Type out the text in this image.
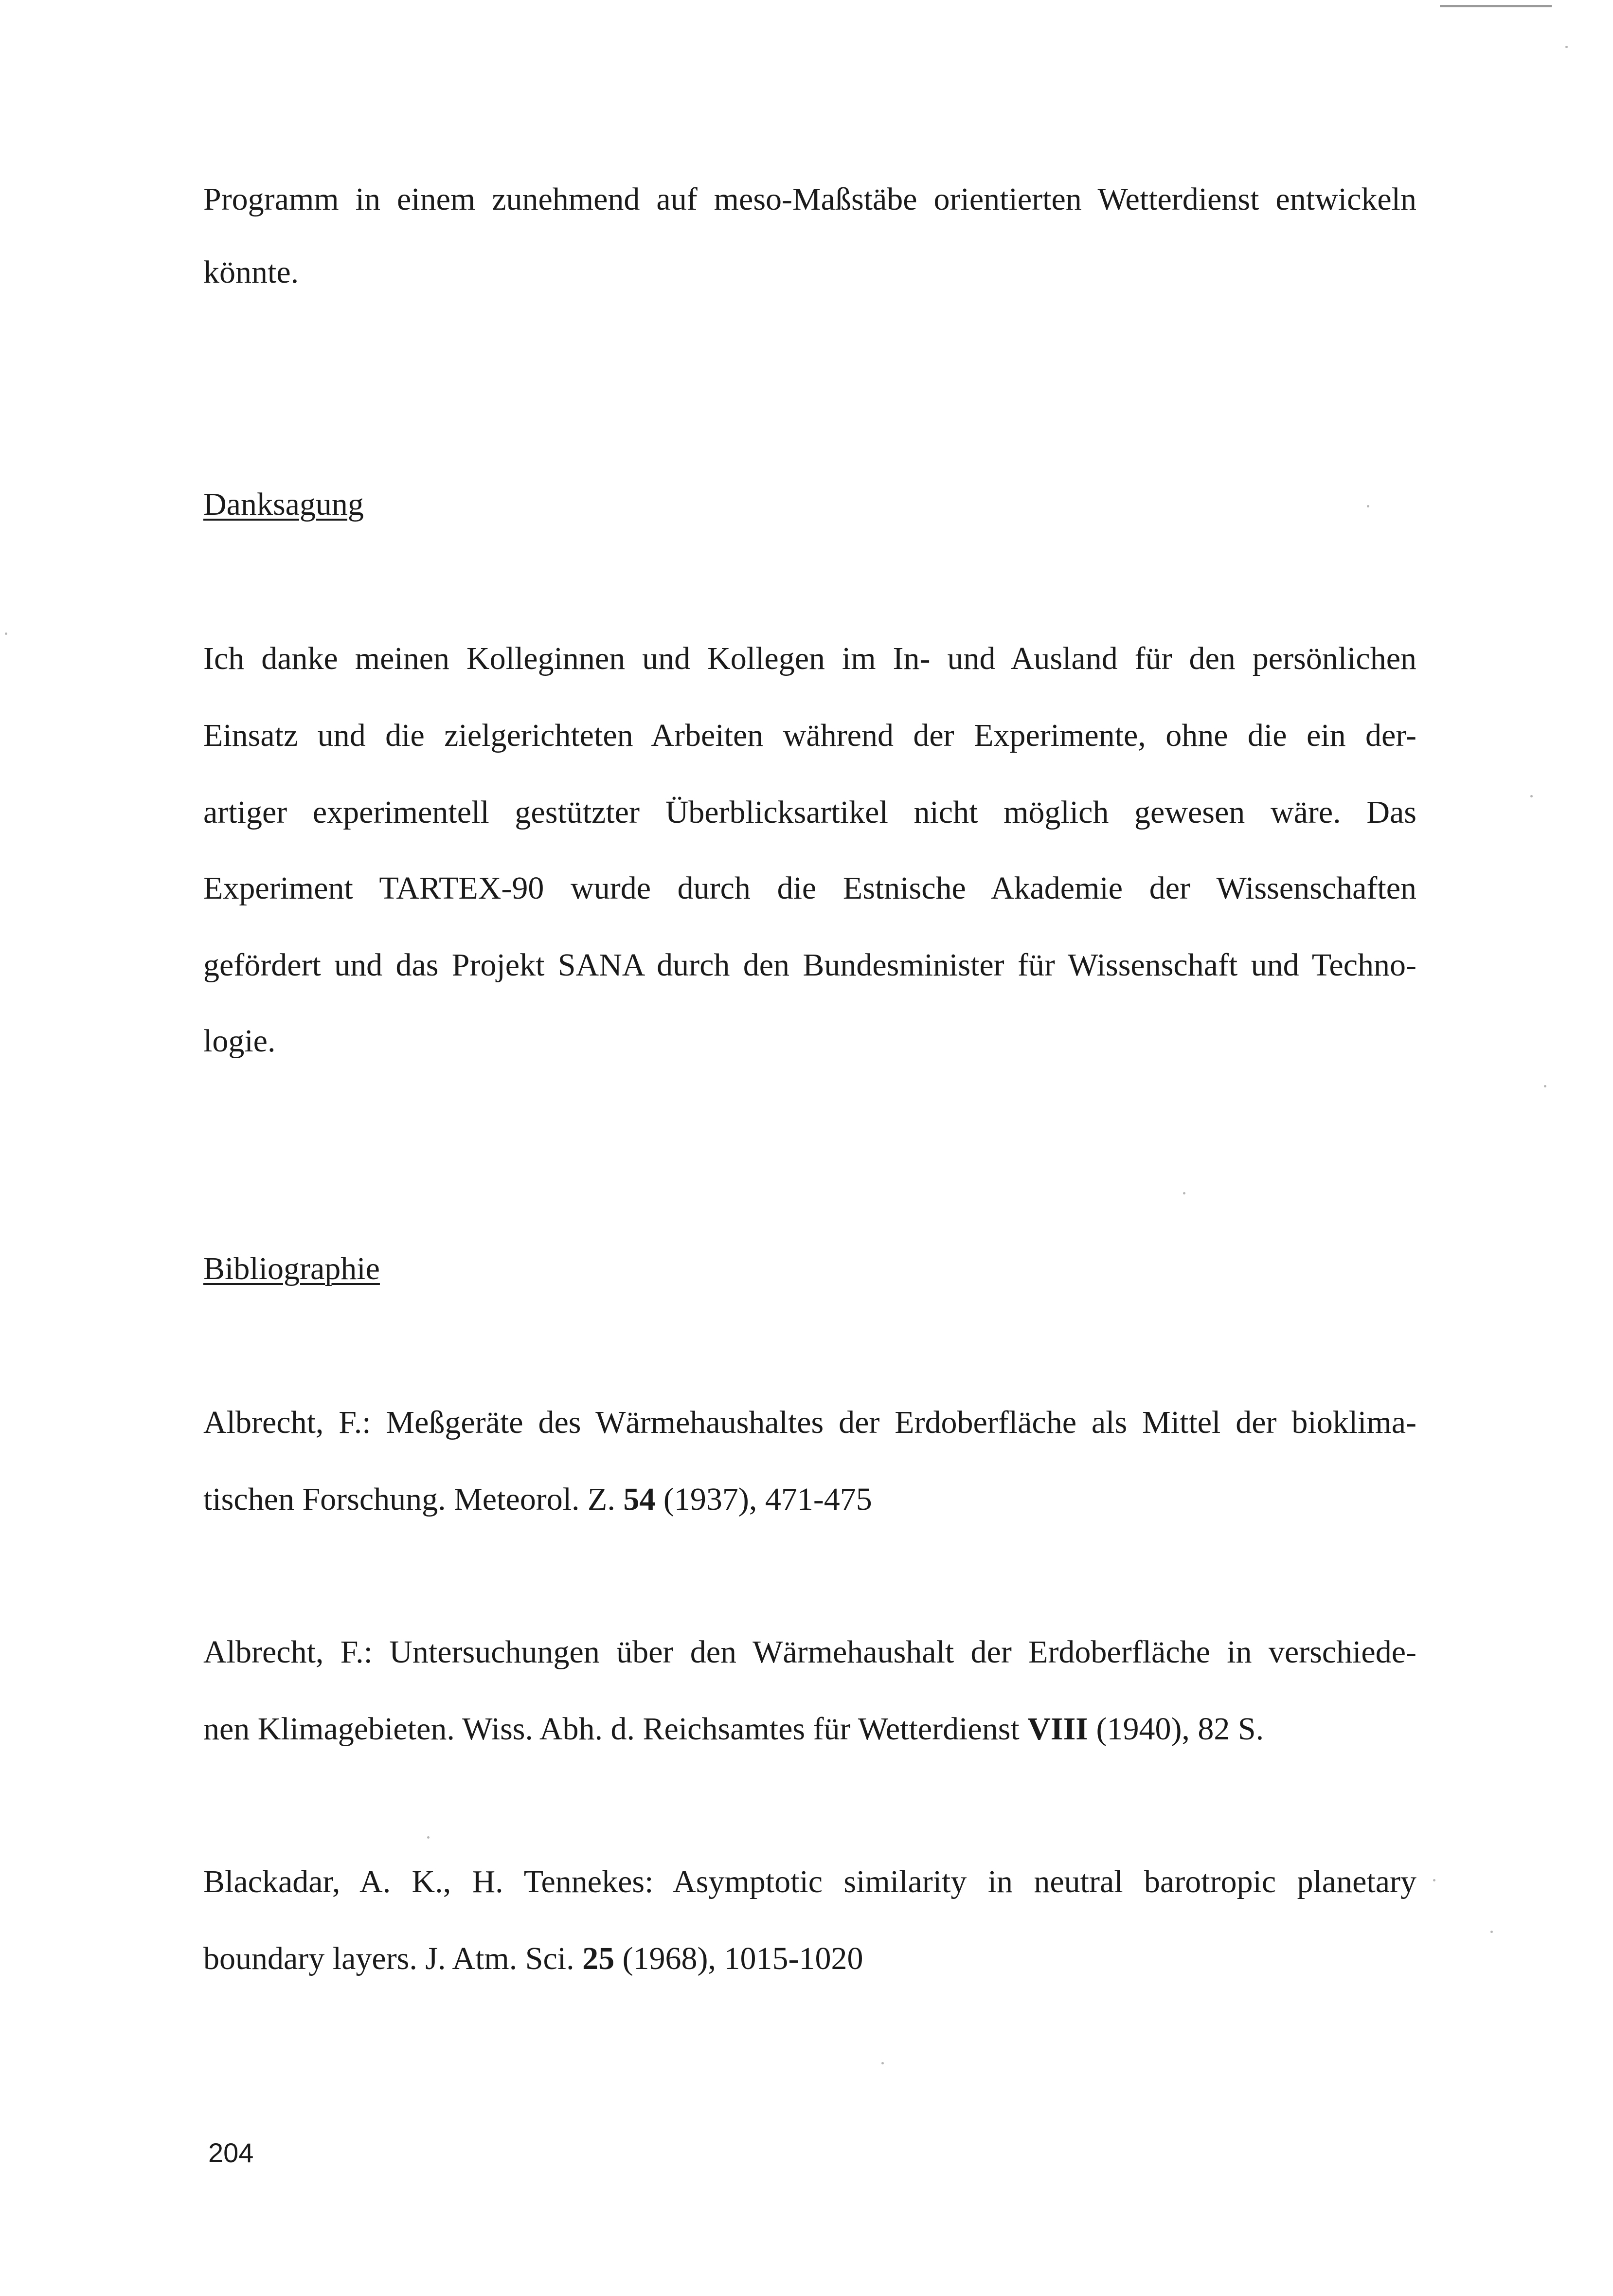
Programm in einem zunehmend auf meso-Maßstäbe orientierten Wetterdienst entwickeln

könnte.

Danksagung

Ich danke meinen Kolleginnen und Kollegen im In- und Ausland für den persönlichen

Einsatz und die zielgerichteten Arbeiten während der Experimente, ohne die ein der-

artiger experimentell gestützter Überblicksartikel nicht möglich gewesen wäre. Das

Experiment TARTEX-90 wurde durch die Estnische Akademie der Wissenschaften

gefördert und das Projekt SANA durch den Bundesminister für Wissenschaft und Techno-

logie.

Bibliographie

Albrecht, F.: Meßgeräte des Wärmehaushaltes der Erdoberfläche als Mittel der bioklima-

tischen Forschung. Meteorol. Z. 54 (1937), 471-475

Albrecht, F.: Untersuchungen über den Wärmehaushalt der Erdoberfläche in verschiede-

nen Klimagebieten. Wiss. Abh. d. Reichsamtes für Wetterdienst VIII (1940), 82 S.

Blackadar, A. K., H. Tennekes: Asymptotic similarity in neutral barotropic planetary

boundary layers. J. Atm. Sci. 25 (1968), 1015-1020

204
